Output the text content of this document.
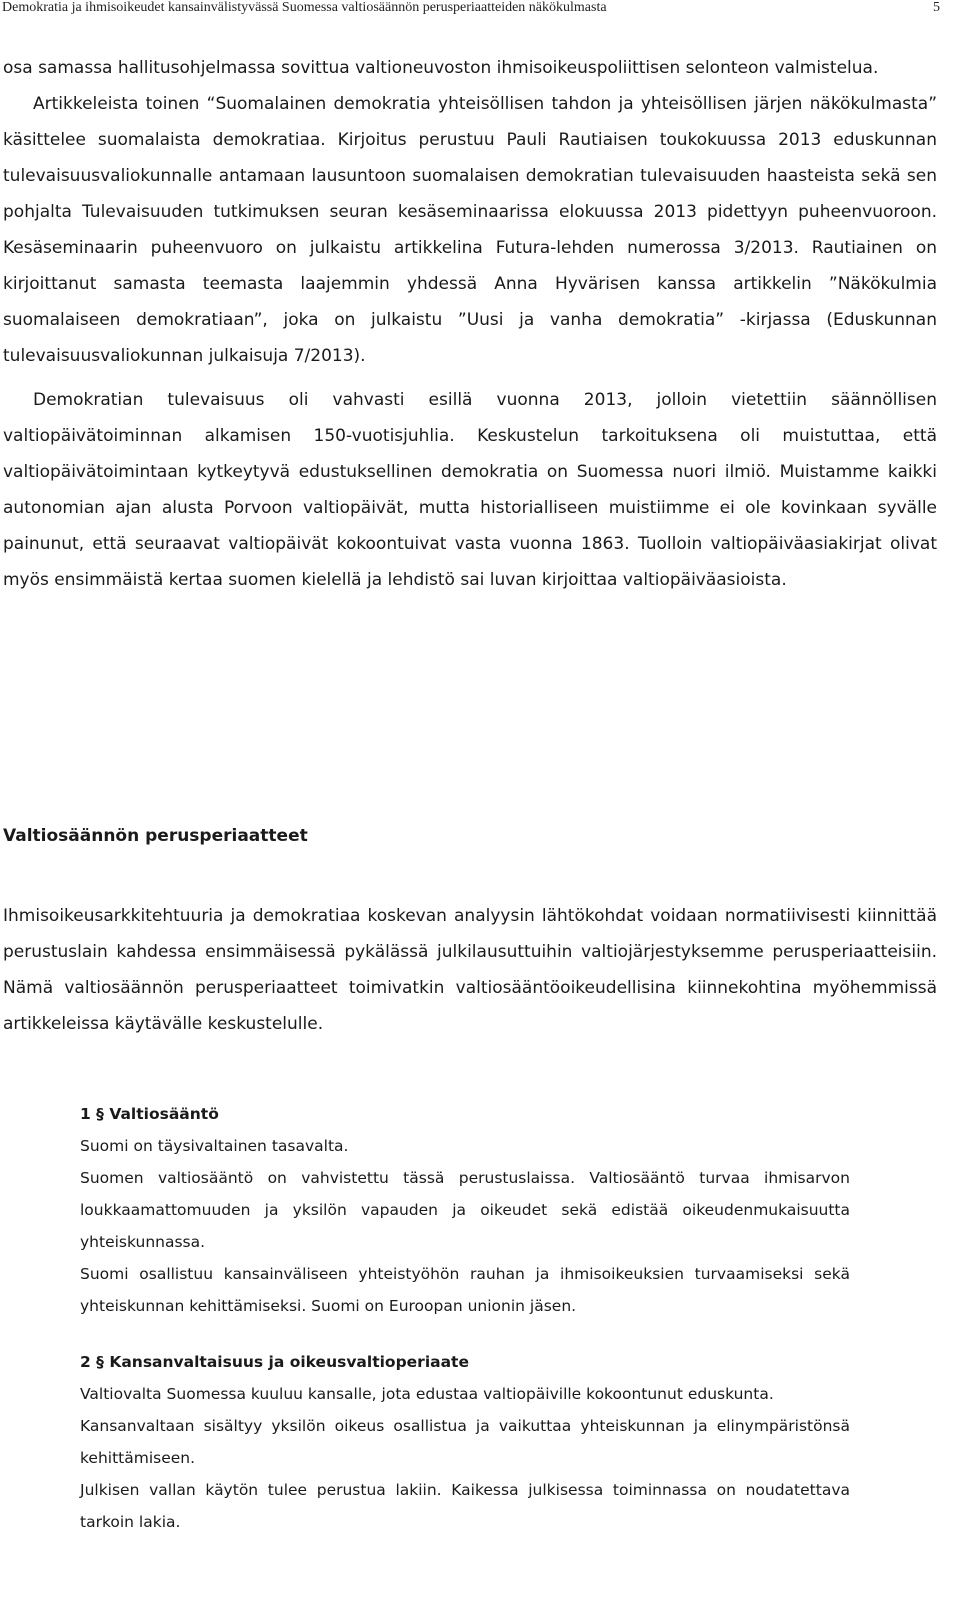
Demokratia ja ihmisoikeudet kansainvälistyvässä Suomessa valtiosäännön perusperiaatteiden näkökulmasta	5

osa samassa hallitusohjelmassa sovittua valtioneuvoston ihmisoikeuspoliittisen selonteon valmistelua.

Artikkeleista toinen “Suomalainen demokratia yhteisöllisen tahdon ja yhteisöllisen järjen näkökulmasta” käsittelee suomalaista demokratiaa. Kirjoitus perustuu Pauli Rautiaisen toukokuussa 2013 eduskunnan tulevaisuusvaliokunnalle antamaan lausuntoon suomalaisen demokratian tulevaisuuden haasteista sekä sen pohjalta Tulevaisuuden tutkimuksen seuran kesäseminaarissa elokuussa 2013 pidettyyn puheenvuoroon. Kesäseminaarin puheenvuoro on julkaistu artikkelina Futura-lehden numerossa 3/2013. Rautiainen on kirjoittanut samasta teemasta laajemmin yhdessä Anna Hyvärisen kanssa artikkelin ”Näkökulmia suomalaiseen demokratiaan”, joka on julkaistu ”Uusi ja vanha demokratia” -kirjassa (Eduskunnan tulevaisuusvaliokunnan julkaisuja 7/2013).

Demokratian tulevaisuus oli vahvasti esillä vuonna 2013, jolloin vietettiin säännöllisen valtiopäivätoiminnan alkamisen 150-vuotisjuhlia. Keskustelun tarkoituksena oli muistuttaa, että valtiopäivätoimintaan kytkeytyvä edustuksellinen demokratia on Suomessa nuori ilmiö. Muistamme kaikki autonomian ajan alusta Porvoon valtiopäivät, mutta historialliseen muistiimme ei ole kovinkaan syvälle painunut, että seuraavat valtiopäivät kokoontuivat vasta vuonna 1863. Tuolloin valtiopäiväasiakirjat olivat myös ensimmäistä kertaa suomen kielellä ja lehdistö sai luvan kirjoittaa valtiopäiväasioista.

Valtiosäännön perusperiaatteet

Ihmisoikeusarkkitehtuuria ja demokratiaa koskevan analyysin lähtökohdat voidaan normatiivisesti kiinnittää perustuslain kahdessa ensimmäisessä pykälässä julkilausuttuihin valtiojärjestyksemme perusperiaatteisiin. Nämä valtiosäännön perusperiaatteet toimivatkin valtiosääntöoikeudellisina kiinnekohtina myöhemmissä artikkeleissa käytävälle keskustelulle.

1 § Valtiosääntö

Suomi on täysivaltainen tasavalta.

Suomen valtiosääntö on vahvistettu tässä perustuslaissa. Valtiosääntö turvaa ihmisarvon loukkaamattomuuden ja yksilön vapauden ja oikeudet sekä edistää oikeudenmukaisuutta yhteiskunnassa.

Suomi osallistuu kansainväliseen yhteistyöhön rauhan ja ihmisoikeuksien turvaamiseksi sekä yhteiskunnan kehittämiseksi. Suomi on Euroopan unionin jäsen.

2 § Kansanvaltaisuus ja oikeusvaltioperiaate

Valtiovalta Suomessa kuuluu kansalle, jota edustaa valtiopäiville kokoontunut eduskunta.

Kansanvaltaan sisältyy yksilön oikeus osallistua ja vaikuttaa yhteiskunnan ja elinympäristönsä kehittämiseen.

Julkisen vallan käytön tulee perustua lakiin. Kaikessa julkisessa toiminnassa on noudatettava tarkoin lakia.
